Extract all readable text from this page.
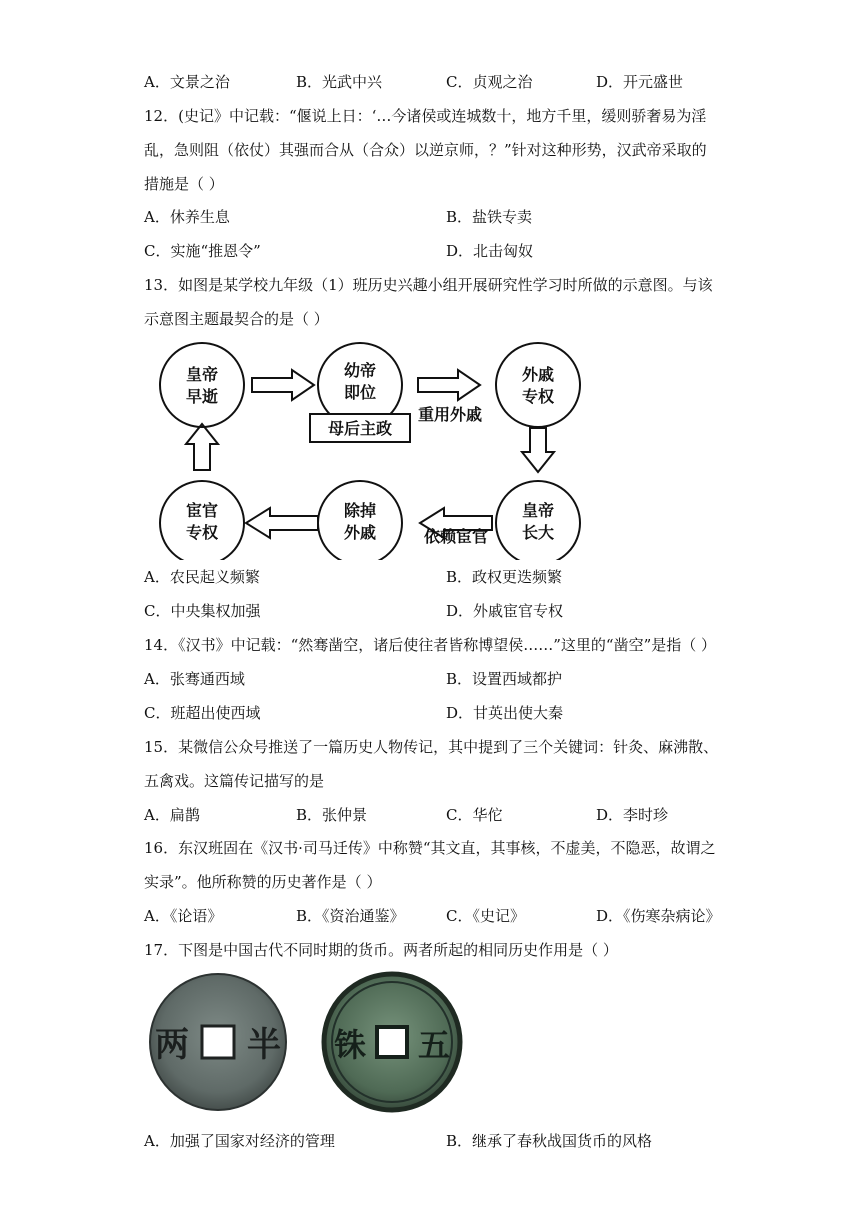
A．文景之治	B．光武中兴	C．贞观之治	D．开元盛世
12．(史记》中记载：“偃说上日：‘…今诸侯或连城数十，地方千里，缓则骄奢易为淫
乱，急则阻（依仗）其强而合从（合众）以逆京师，？”针对这种形势，汉武帝采取的
措施是（ ）
A．休养生息	B．盐铁专卖
C．实施“推恩令”	D．北击匈奴
13．如图是某学校九年级（1）班历史兴趣小组开展研究性学习时所做的示意图。与该
示意图主题最契合的是（ ）
皇帝
早逝
幼帝
即位
外戚
专权
皇帝
长大
除掉
外戚
宦官
专权
母后主政
重用外戚
依赖宦官
A．农民起义频繁	B．政权更迭频繁
C．中央集权加强	D．外戚宦官专权
14．《汉书》中记载：“然骞凿空，诸后使往者皆称博望侯……”这里的“凿空”是指（ ）
A．张骞通西域	B．设置西域都护
C．班超出使西域	D．甘英出使大秦
15．某微信公众号推送了一篇历史人物传记，其中提到了三个关键词：针灸、麻沸散、
五禽戏。这篇传记描写的是
A．扁鹊	B．张仲景	C．华佗	D．李时珍
16．东汉班固在《汉书·司马迁传》中称赞“其文直，其事核，不虚美，不隐恶，故谓之
实录”。他所称赞的历史著作是（ ）
A．《论语》	B．《资治通鉴》	C．《史记》	D．《伤寒杂病论》
17．下图是中国古代不同时期的货币。两者所起的相同历史作用是（ ）
两 半 铢 五
A．加强了国家对经济的管理	B．继承了春秋战国货币的风格
